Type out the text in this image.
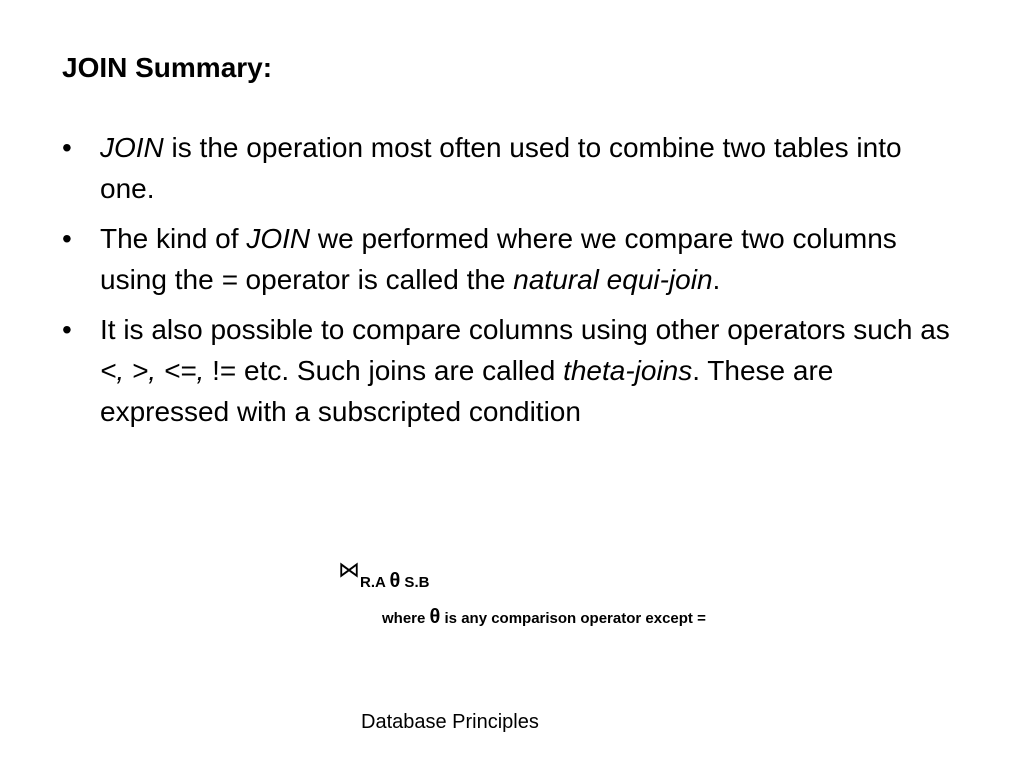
JOIN Summary:
• JOIN is the operation most often used to combine two tables into one.
• The kind of JOIN we performed where we compare two columns using the = operator is called the natural equi-join.
• It is also possible to compare columns using other operators such as <, >, <=, != etc. Such joins are called theta-joins. These are expressed with a subscripted condition
⋈R.A θ S.B
where θ is any comparison operator except =
Database Principles
